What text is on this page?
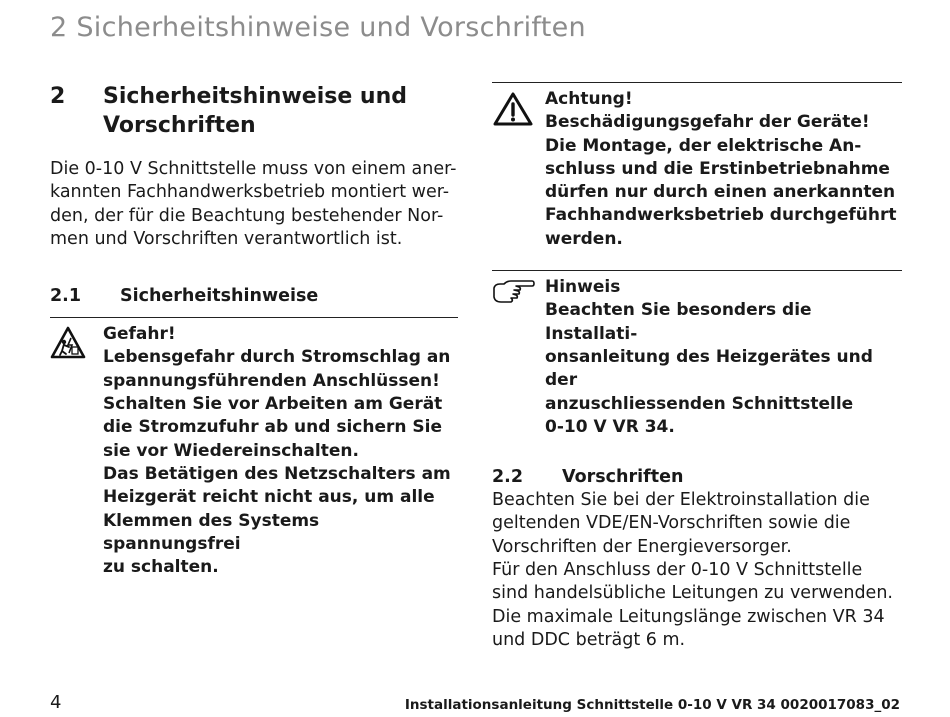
2 Sicherheitshinweise und Vorschriften
2	Sicherheitshinweise und
Vorschriften
Die 0-10 V Schnittstelle muss von einem aner-
kannten Fachhandwerksbetrieb montiert wer-
den, der für die Beachtung bestehender Nor-
men und Vorschriften verantwortlich ist.
2.1	Sicherheitshinweise
Gefahr!
Lebensgefahr durch Stromschlag an
spannungsführenden Anschlüssen!
Schalten Sie vor Arbeiten am Gerät
die Stromzufuhr ab und sichern Sie
sie vor Wiedereinschalten.
Das Betätigen des Netzschalters am
Heizgerät reicht nicht aus, um alle
Klemmen des Systems spannungsfrei
zu schalten.
Achtung!
Beschädigungsgefahr der Geräte!
Die Montage, der elektrische An-
schluss und die Erstinbetriebnahme
dürfen nur durch einen anerkannten
Fachhandwerksbetrieb durchgeführt
werden.
Hinweis
Beachten Sie besonders die Installati-
onsanleitung des Heizgerätes und der
anzuschliessenden Schnittstelle
0-10 V VR 34.
2.2	Vorschriften
Beachten Sie bei der Elektroinstallation die
geltenden VDE/EN-Vorschriften sowie die
Vorschriften der Energieversorger.
Für den Anschluss der 0-10 V Schnittstelle
sind handelsübliche Leitungen zu verwenden.
Die maximale Leitungslänge zwischen VR 34
und DDC beträgt 6 m.
4	Installationsanleitung Schnittstelle 0-10 V VR 34 0020017083_02
